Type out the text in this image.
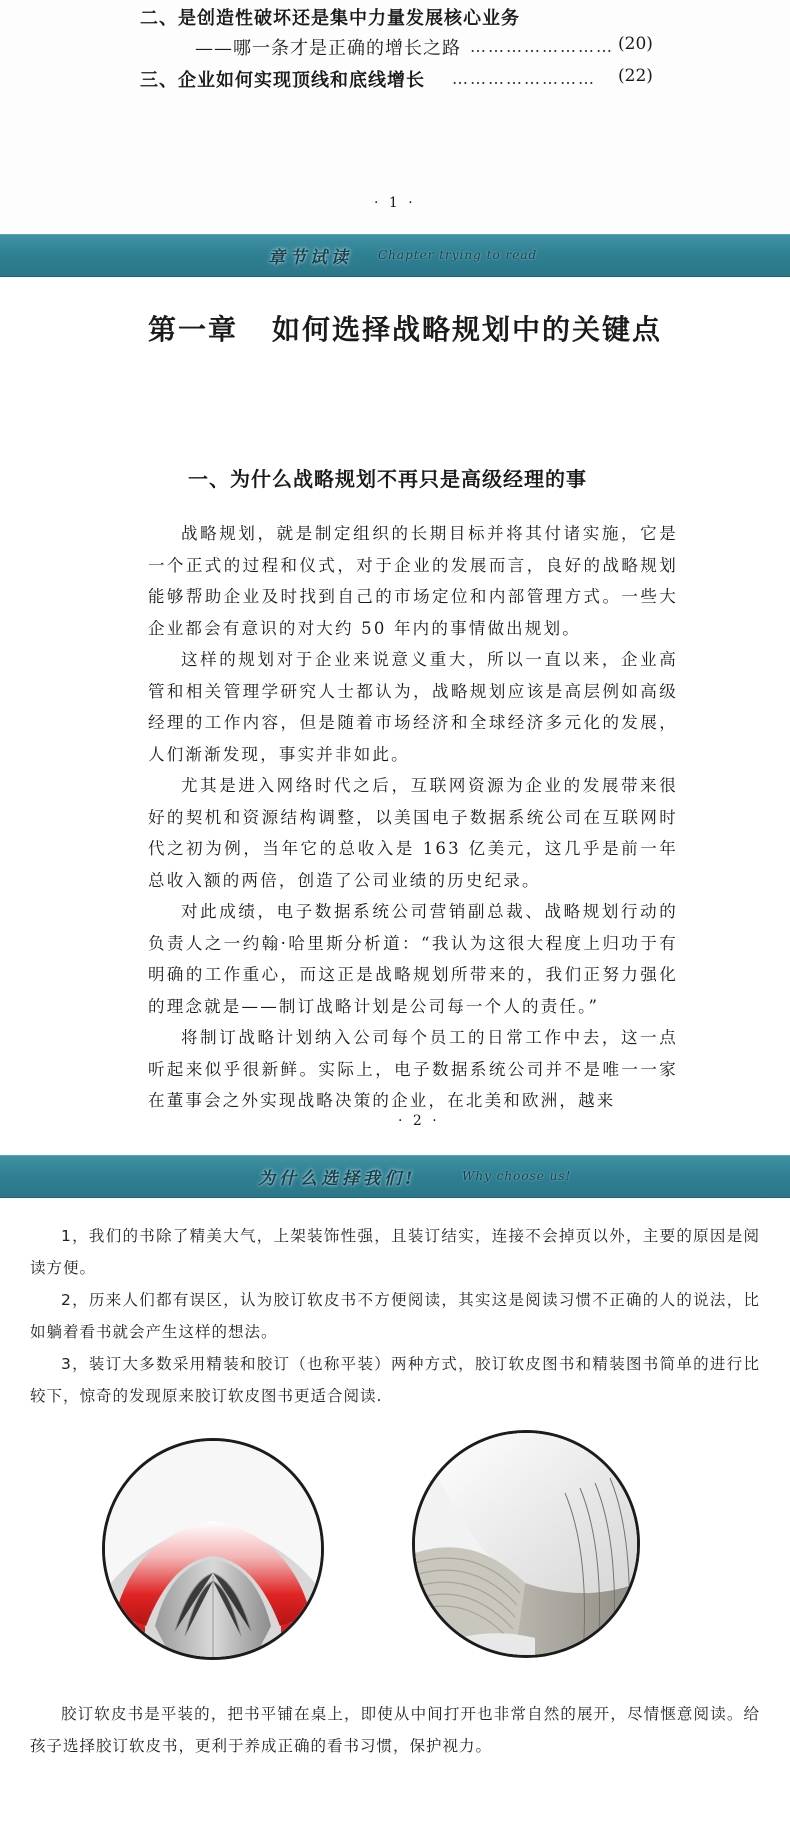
二、是创造性破坏还是集中力量发展核心业务
——哪一条才是正确的增长之路 …………………… (20)
三、企业如何实现顶线和底线增长 …………………… (22)
· 1 ·
章节试读 Chapter trying to read
第一章 如何选择战略规划中的关键点
一、为什么战略规划不再只是高级经理的事

战略规划，就是制定组织的长期目标并将其付诸实施，它是一个正式的过程和仪式，对于企业的发展而言，良好的战略规划能够帮助企业及时找到自己的市场定位和内部管理方式。一些大企业都会有意识的对大约 50 年内的事情做出规划。

这样的规划对于企业来说意义重大，所以一直以来，企业高管和相关管理学研究人士都认为，战略规划应该是高层例如高级经理的工作内容，但是随着市场经济和全球经济多元化的发展，人们渐渐发现，事实并非如此。

尤其是进入网络时代之后，互联网资源为企业的发展带来很好的契机和资源结构调整，以美国电子数据系统公司在互联网时代之初为例，当年它的总收入是 163 亿美元，这几乎是前一年总收入额的两倍，创造了公司业绩的历史纪录。

对此成绩，电子数据系统公司营销副总裁、战略规划行动的负责人之一约翰·哈里斯分析道：“我认为这很大程度上归功于有明确的工作重心，而这正是战略规划所带来的，我们正努力强化的理念就是——制订战略计划是公司每一个人的责任。”

将制订战略计划纳入公司每个员工的日常工作中去，这一点听起来似乎很新鲜。实际上，电子数据系统公司并不是唯一一家在董事会之外实现战略决策的企业，在北美和欧洲，越来

· 2 ·
为什么选择我们!	Why choose us!

1，我们的书除了精美大气，上架装饰性强，且装订结实，连接不会掉页以外，主要的原因是阅读方便。

2，历来人们都有误区，认为胶订软皮书不方便阅读，其实这是阅读习惯不正确的人的说法，比如躺着看书就会产生这样的想法。

3，装订大多数采用精装和胶订（也称平装）两种方式，胶订软皮图书和精装图书简单的进行比较下，惊奇的发现原来胶订软皮图书更适合阅读.

胶订软皮书是平装的，把书平铺在桌上，即使从中间打开也非常自然的展开，尽情惬意阅读。给孩子选择胶订软皮书，更利于养成正确的看书习惯，保护视力。
